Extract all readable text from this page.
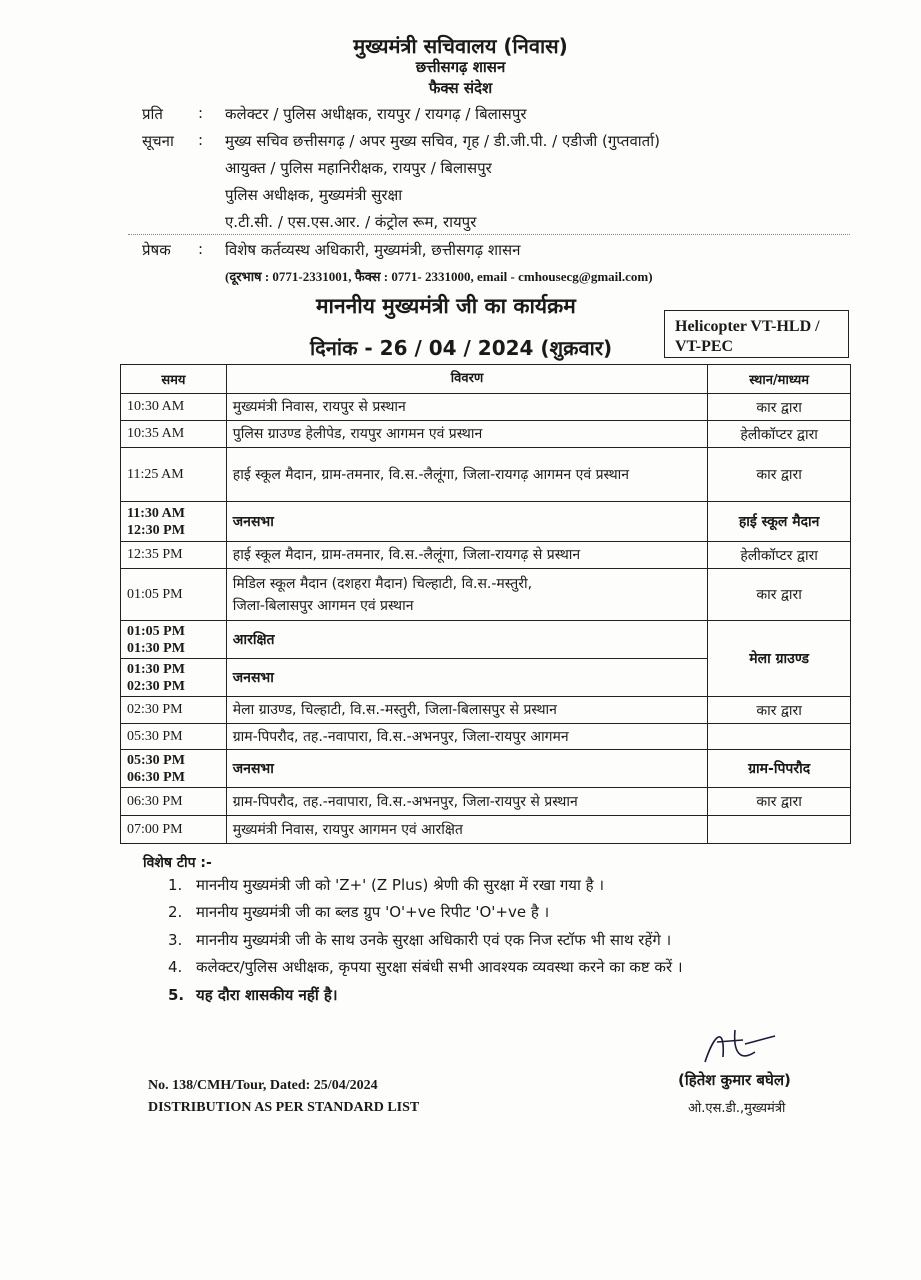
मुख्यमंत्री सचिवालय (निवास)
छत्तीसगढ़ शासन
फैक्स संदेश
प्रति : कलेक्टर / पुलिस अधीक्षक, रायपुर / रायगढ़ / बिलासपुर
सूचना : मुख्य सचिव छत्तीसगढ़ / अपर मुख्य सचिव, गृह / डी.जी.पी. / एडीजी (गुप्तवार्ता)
आयुक्त / पुलिस महानिरीक्षक, रायपुर / बिलासपुर
पुलिस अधीक्षक, मुख्यमंत्री सुरक्षा
ए.टी.सी. / एस.एस.आर. / कंट्रोल रूम, रायपुर
प्रेषक : विशेष कर्तव्यस्थ अधिकारी, मुख्यमंत्री, छत्तीसगढ़ शासन
(दूरभाष : 0771-2331001, फैक्स : 0771- 2331000, email - cmhousecg@gmail.com)
माननीय मुख्यमंत्री जी का कार्यक्रम
दिनांक - 26 / 04 / 2024 (शुक्रवार)
Helicopter VT-HLD /
VT-PEC
समय	विवरण	स्थान/माध्यम
10:30 AM	मुख्यमंत्री निवास, रायपुर से प्रस्थान	कार द्वारा
10:35 AM	पुलिस ग्राउण्ड हेलीपेड, रायपुर आगमन एवं प्रस्थान	हेलीकॉप्टर द्वारा
11:25 AM	हाई स्कूल मैदान, ग्राम-तमनार, वि.स.-लैलूंगा, जिला-रायगढ़ आगमन एवं प्रस्थान	कार द्वारा

11:30 AM
12:30 PM	जनसभा	हाई स्कूल मैदान
12:35 PM	हाई स्कूल मैदान, ग्राम-तमनार, वि.स.-लैलूंगा, जिला-रायगढ़ से प्रस्थान	हेलीकॉप्टर द्वारा
01:05 PM	मिडिल स्कूल मैदान (दशहरा मैदान) चिल्हाटी, वि.स.-मस्तुरी,
जिला-बिलासपुर आगमन एवं प्रस्थान	कार द्वारा

01:05 PM
01:30 PM	आरक्षित	मेला ग्राउण्ड

01:30 PM
02:30 PM	जनसभा	
02:30 PM	मेला ग्राउण्ड, चिल्हाटी, वि.स.-मस्तुरी, जिला-बिलासपुर से प्रस्थान	कार द्वारा
05:30 PM	ग्राम-पिपरौद, तह.-नवापारा, वि.स.-अभनपुर, जिला-रायपुर आगमन	

05:30 PM
06:30 PM	जनसभा	ग्राम-पिपरौद
06:30 PM	ग्राम-पिपरौद, तह.-नवापारा, वि.स.-अभनपुर, जिला-रायपुर से प्रस्थान	कार द्वारा
07:00 PM	मुख्यमंत्री निवास, रायपुर आगमन एवं आरक्षित	
विशेष टीप :-
1. माननीय मुख्यमंत्री जी को 'Z+' (Z Plus) श्रेणी की सुरक्षा में रखा गया है ।
2. माननीय मुख्यमंत्री जी का ब्लड ग्रुप 'O'+ve रिपीट 'O'+ve है ।
3. माननीय मुख्यमंत्री जी के साथ उनके सुरक्षा अधिकारी एवं एक निज स्टॉफ भी साथ रहेंगे ।
4. कलेक्टर/पुलिस अधीक्षक, कृपया सुरक्षा संबंधी सभी आवश्यक व्यवस्था करने का कष्ट करें ।
5. यह दौरा शासकीय नहीं है।
(हितेश कुमार बघेल)
ओ.एस.डी.,मुख्यमंत्री
No. 138/CMH/Tour, Dated: 25/04/2024
DISTRIBUTION AS PER STANDARD LIST
